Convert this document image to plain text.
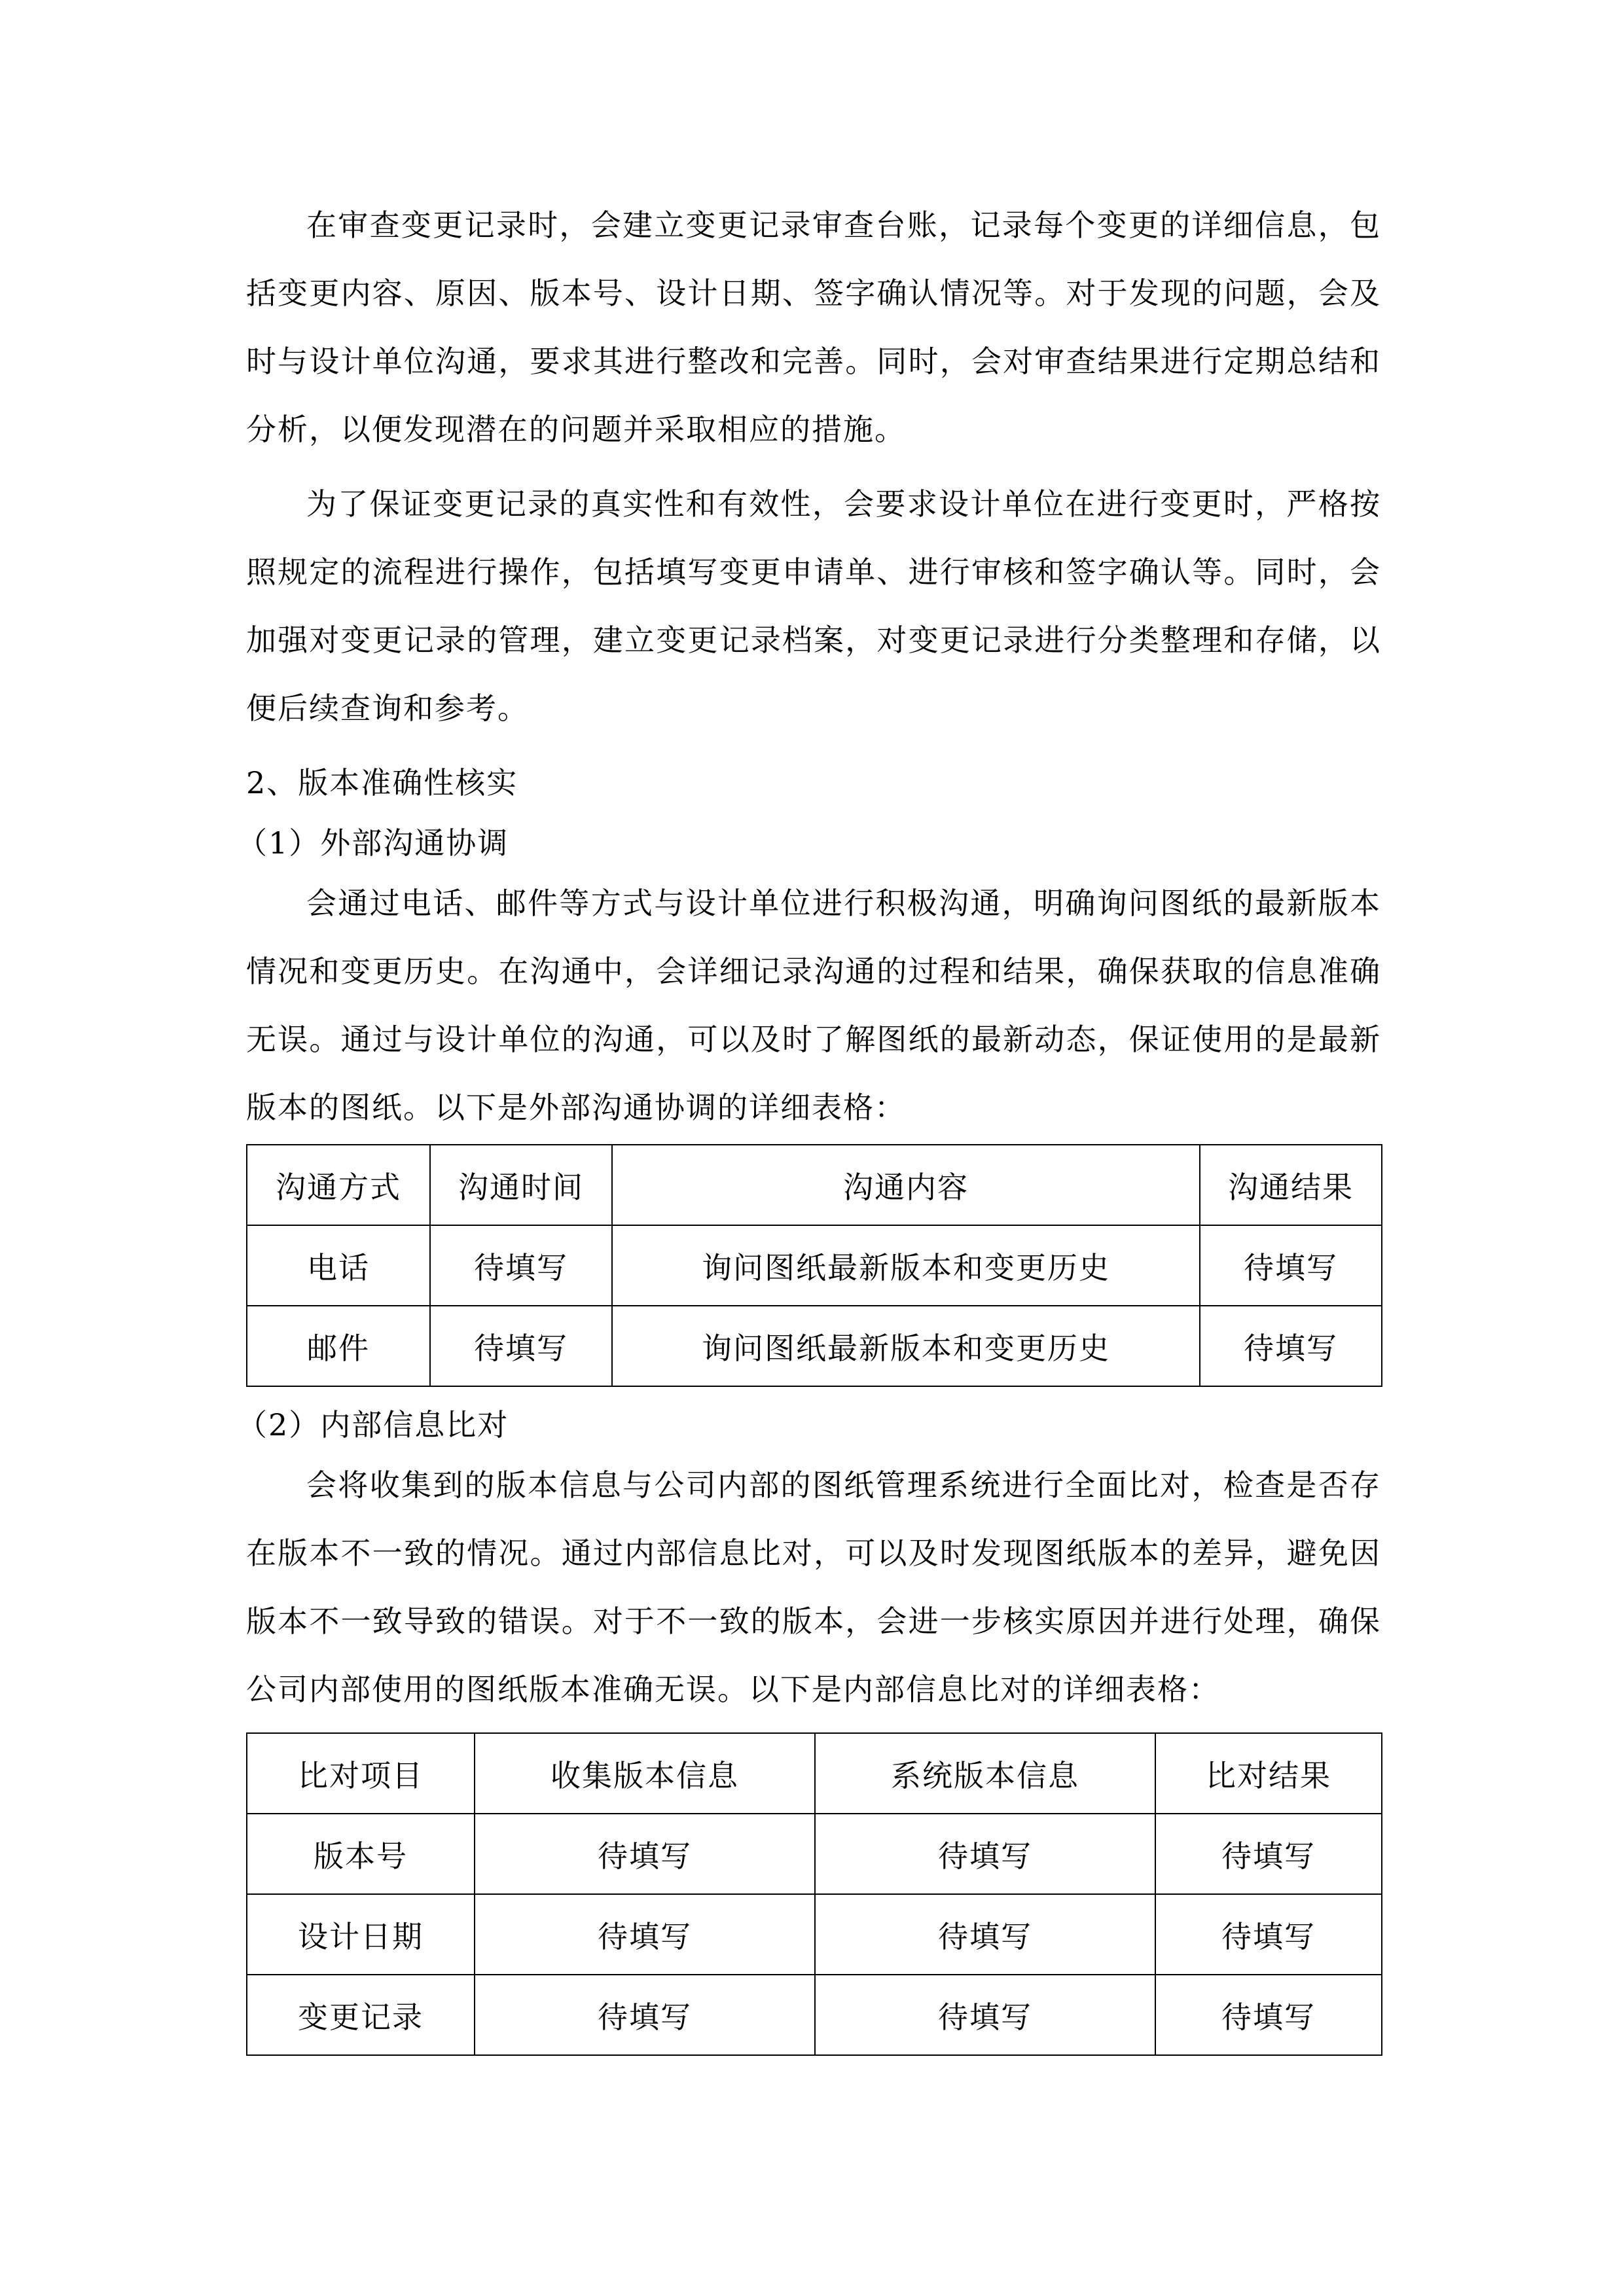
在审查变更记录时，会建立变更记录审查台账，记录每个变更的详细信息，包括变更内容、原因、版本号、设计日期、签字确认情况等。对于发现的问题，会及时与设计单位沟通，要求其进行整改和完善。同时，会对审查结果进行定期总结和分析，以便发现潜在的问题并采取相应的措施。

为了保证变更记录的真实性和有效性，会要求设计单位在进行变更时，严格按照规定的流程进行操作，包括填写变更申请单、进行审核和签字确认等。同时，会加强对变更记录的管理，建立变更记录档案，对变更记录进行分类整理和存储，以便后续查询和参考。

2、版本准确性核实

（1）外部沟通协调

会通过电话、邮件等方式与设计单位进行积极沟通，明确询问图纸的最新版本情况和变更历史。在沟通中，会详细记录沟通的过程和结果，确保获取的信息准确无误。通过与设计单位的沟通，可以及时了解图纸的最新动态，保证使用的是最新版本的图纸。以下是外部沟通协调的详细表格：

沟通方式	沟通时间	沟通内容	沟通结果
电话	待填写	询问图纸最新版本和变更历史	待填写
邮件	待填写	询问图纸最新版本和变更历史	待填写

（2）内部信息比对

会将收集到的版本信息与公司内部的图纸管理系统进行全面比对，检查是否存在版本不一致的情况。通过内部信息比对，可以及时发现图纸版本的差异，避免因版本不一致导致的错误。对于不一致的版本，会进一步核实原因并进行处理，确保公司内部使用的图纸版本准确无误。以下是内部信息比对的详细表格：

比对项目	收集版本信息	系统版本信息	比对结果
版本号	待填写	待填写	待填写
设计日期	待填写	待填写	待填写
变更记录	待填写	待填写	待填写
